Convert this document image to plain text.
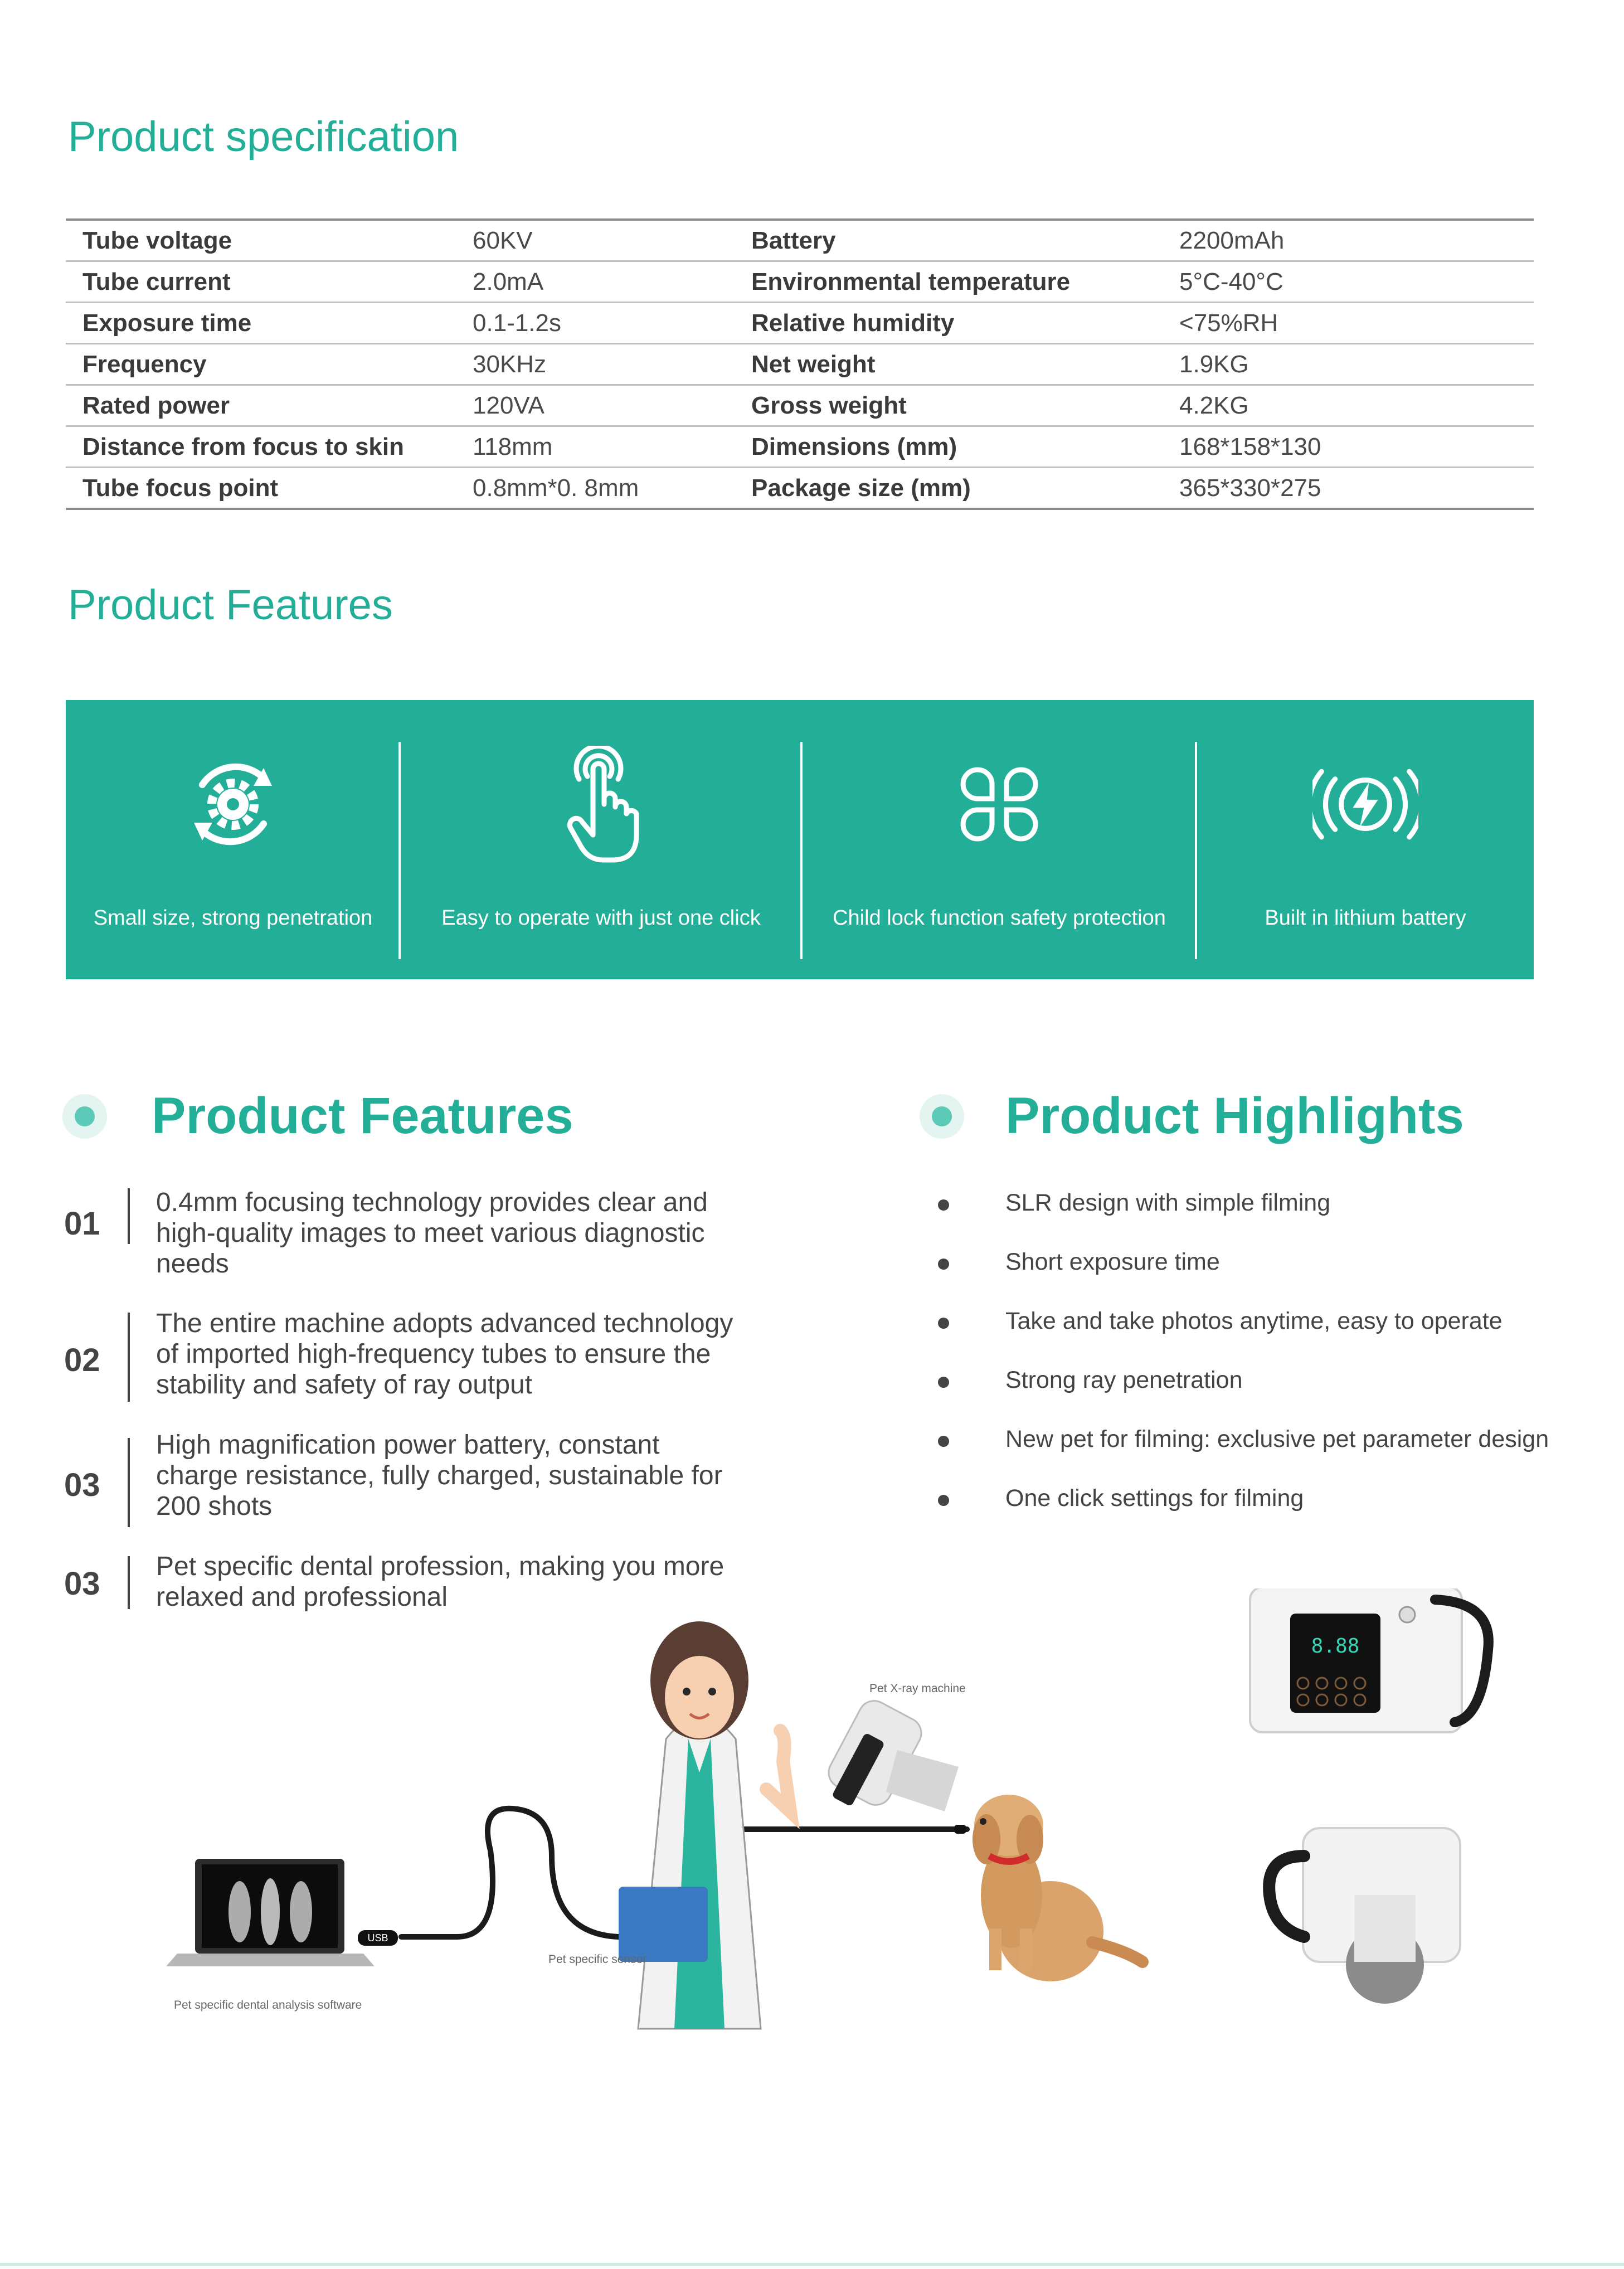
Product specification
Tube voltage	60KV	Battery	2200mAh
Tube current	2.0mA	Environmental temperature	5°C-40°C
Exposure time	0.1-1.2s	Relative humidity	<75%RH
Frequency	30KHz	Net weight	1.9KG
Rated power	120VA	Gross weight	4.2KG
Distance from focus to skin	118mm	Dimensions (mm)	168*158*130
Tube focus point	0.8mm*0. 8mm	Package size (mm)	365*330*275
Product Features
Small size, strong penetration	Easy to operate with just one click	Child lock function safety protection	Built in lithium battery
Product Features
01
0.4mm focusing technology provides clear and high-quality images to meet various diagnostic needs
02
The entire machine adopts advanced technology of imported high-frequency tubes to ensure the stability and safety of ray output
03
High magnification power battery, constant charge resistance, fully charged, sustainable for 200 shots
03 Pet specific dental profession, making you more relaxed and professional
Product Highlights
SLR design with simple filming
Short exposure time
Take and take photos anytime, easy to operate
Strong ray penetration
New pet for filming: exclusive pet parameter design
One click settings for filming
USB
Pet specific sensor
Pet specific dental analysis software
Pet X-ray machine
8.88
